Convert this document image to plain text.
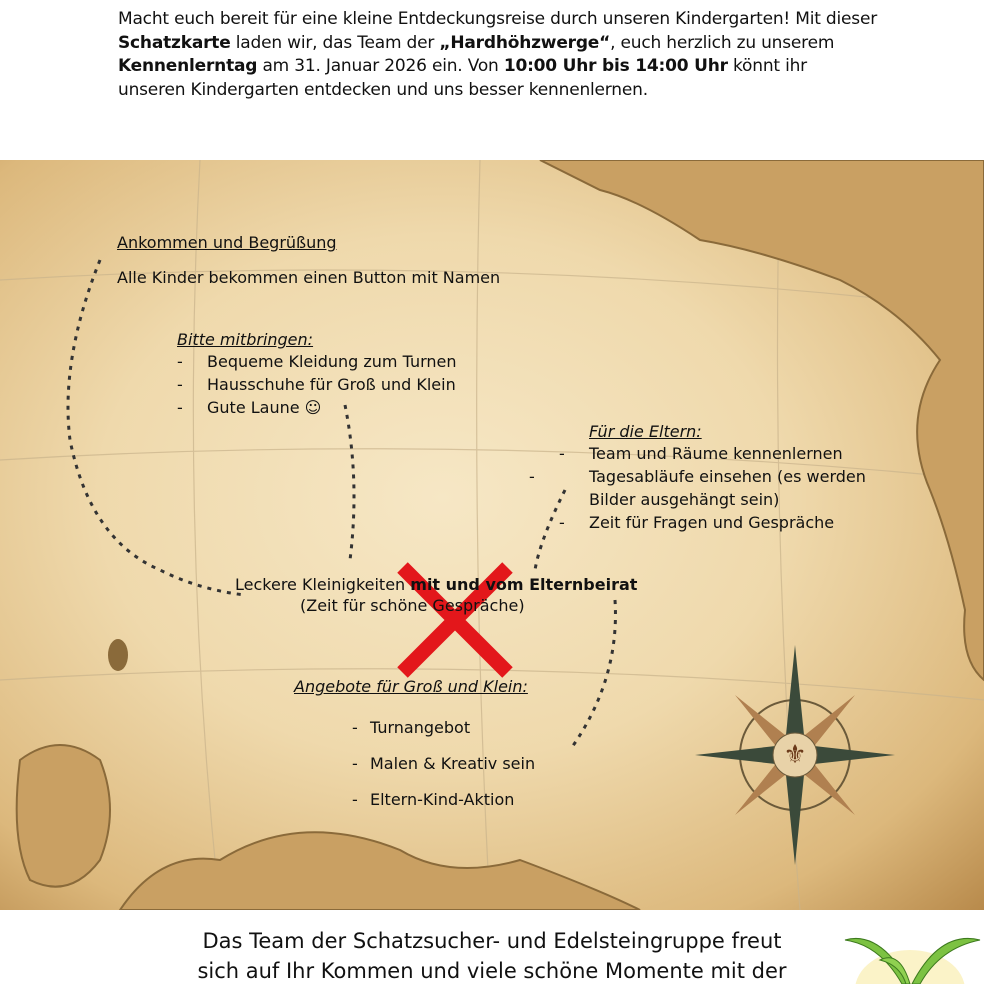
Macht euch bereit für eine kleine Entdeckungsreise durch unseren Kindergarten! Mit dieser Schatzkarte laden wir, das Team der „Hardhöhzwerge“, euch herzlich zu unserem Kennenlerntag am 31. Januar 2026 ein. Von 10:00 Uhr bis 14:00 Uhr könnt ihr unseren Kindergarten entdecken und uns besser kennenlernen.
⚜
Ankommen und Begrüßung
Alle Kinder bekommen einen Button mit Namen
Bitte mitbringen:
- Bequeme Kleidung zum Turnen
- Hausschuhe für Groß und Klein
- Gute Laune ☺
Für die Eltern:
- Team und Räume kennenlernen
- Tagesabläufe einsehen (es werden Bilder ausgehängt sein)
- Zeit für Fragen und Gespräche
Leckere Kleinigkeiten mit und vom Elternbeirat
(Zeit für schöne Gespräche)
Angebote für Groß und Klein:
- Turnangebot
- Malen & Kreativ sein
- Eltern-Kind-Aktion
Das Team der Schatzsucher- und Edelsteingruppe freut
sich auf Ihr Kommen und viele schöne Momente mit der
